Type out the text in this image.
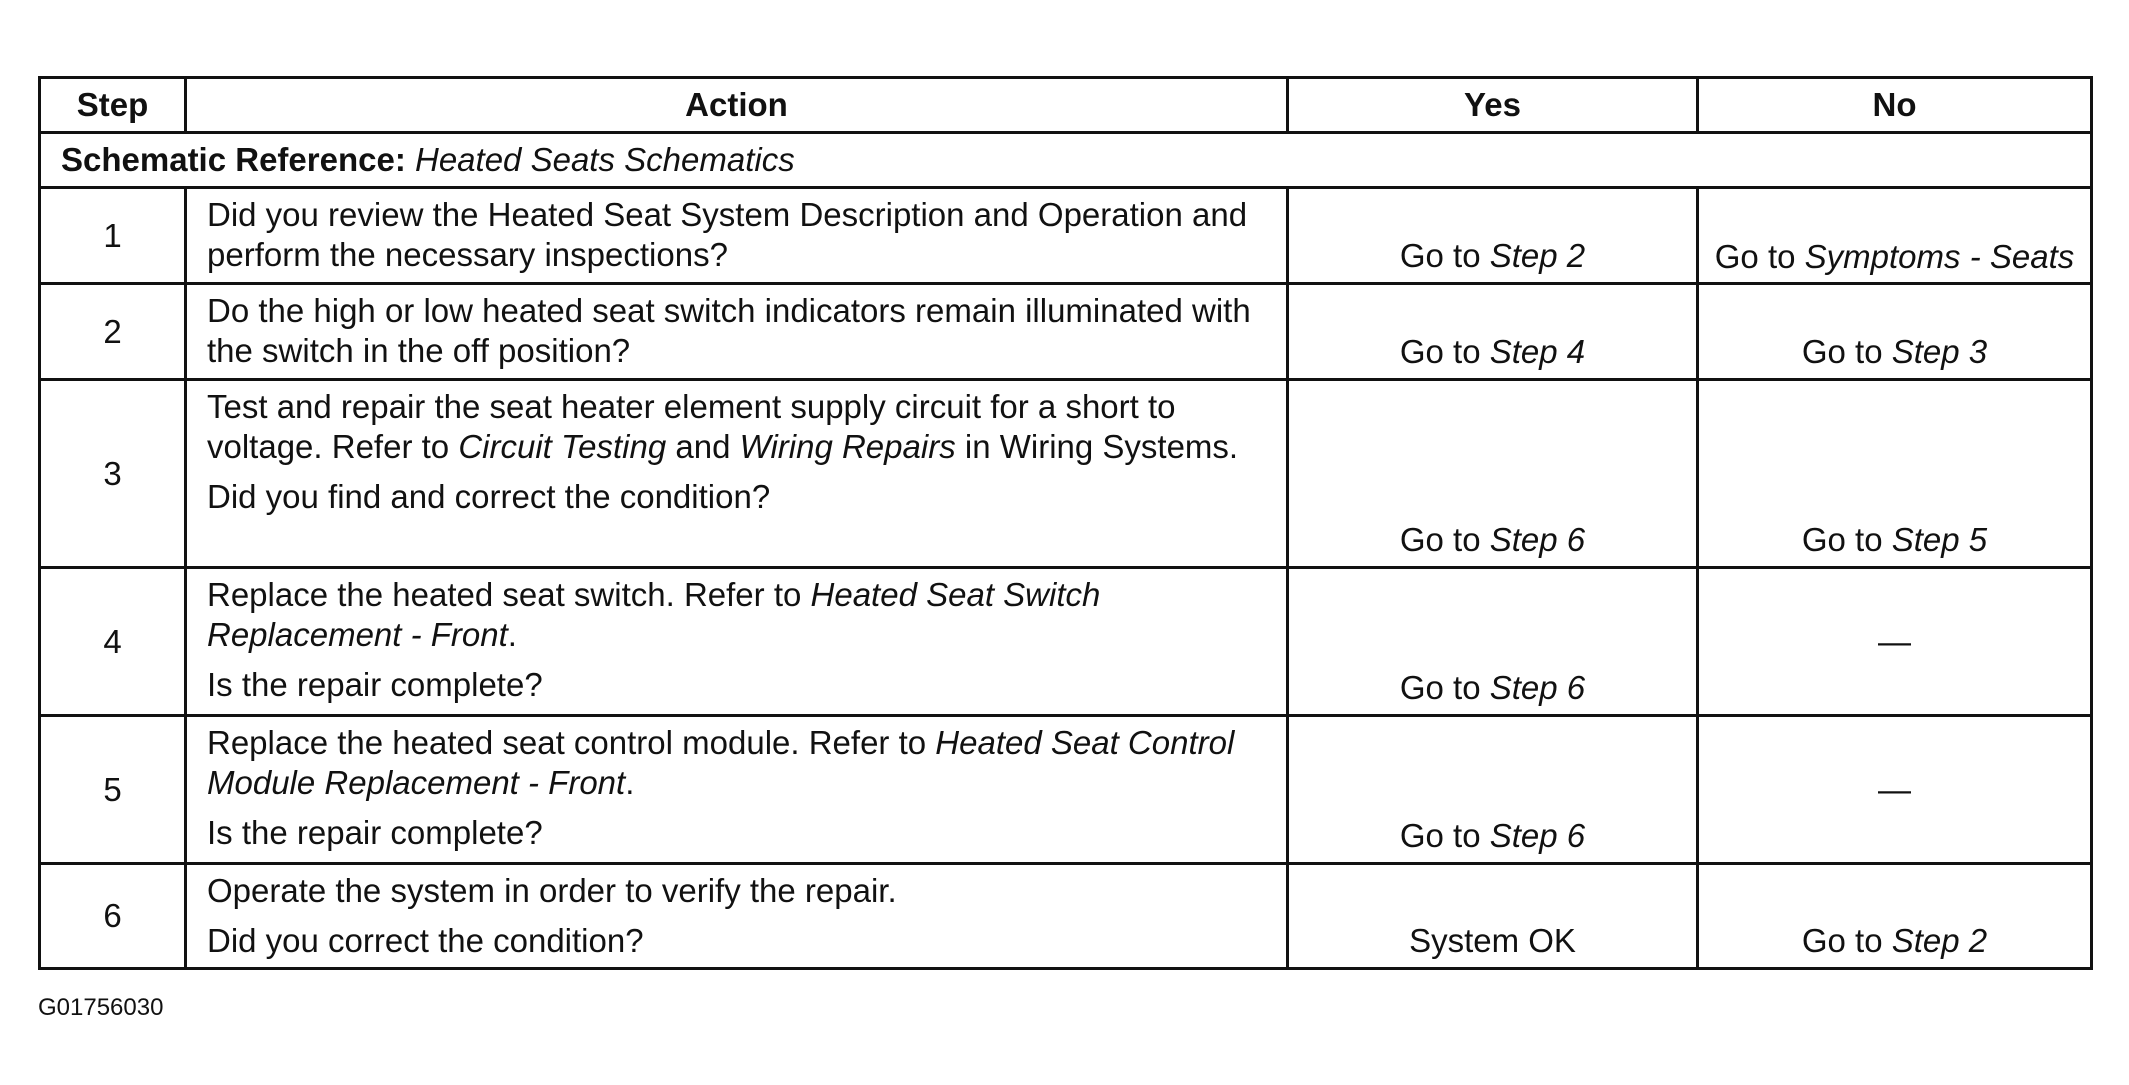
Step	Action	Yes	No
Schematic Reference: Heated Seats Schematics			
1	Did you review the Heated Seat System Description and Operation and perform the necessary inspections?	Go to Step 2	Go to Symptoms - Seats
2	Do the high or low heated seat switch indicators remain illuminated with the switch in the off position?	Go to Step 4	Go to Step 3
3	Test and repair the seat heater element supply circuit for a short to voltage. Refer to Circuit Testing and Wiring Repairs in Wiring Systems.

Did you find and correct the condition?	Go to Step 6	Go to Step 5
4	Replace the heated seat switch. Refer to Heated Seat Switch Replacement - Front.

Is the repair complete?	Go to Step 6	—
5	Replace the heated seat control module. Refer to Heated Seat Control Module Replacement - Front.

Is the repair complete?	Go to Step 6	—
6	Operate the system in order to verify the repair.

Did you correct the condition?	System OK	Go to Step 2
G01756030
